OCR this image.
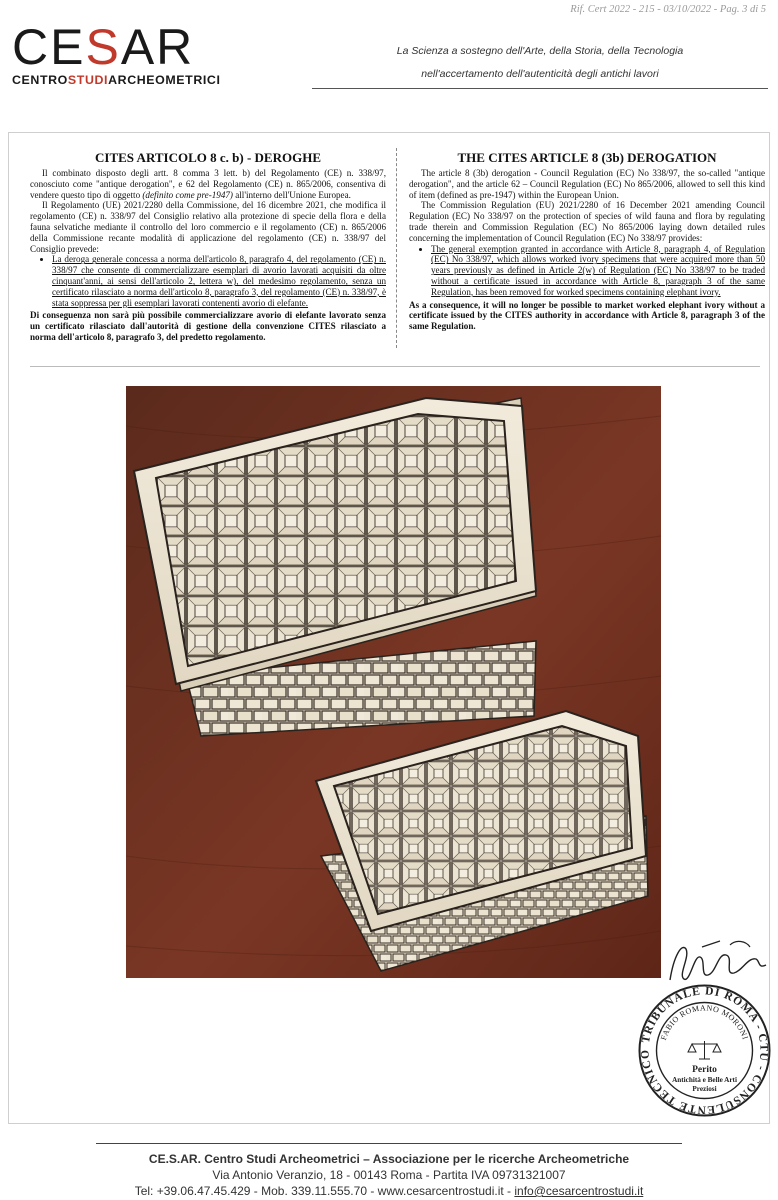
Rif. Cert 2022 - 215 - 03/10/2022 - Pag. 3 di 5
CESAR
CENTROSTUDIARCHEOMETRICI
La Scienza a sostegno dell'Arte, della Storia, della Tecnologia
nell'accertamento dell'autenticità degli antichi lavori
CITES ARTICOLO 8 c. b) - DEROGHE

Il combinato disposto degli artt. 8 comma 3 lett. b) del Regolamento (CE) n. 338/97, conosciuto come "antique derogation", e 62 del Regolamento (CE) n. 865/2006, consentiva di vendere questo tipo di oggetto (definito come pre-1947) all'interno dell'Unione Europea.

Il Regolamento (UE) 2021/2280 della Commissione, del 16 dicembre 2021, che modifica il regolamento (CE) n. 338/97 del Consiglio relativo alla protezione di specie della flora e della fauna selvatiche mediante il controllo del loro commercio e il regolamento (CE) n. 865/2006 della Commissione recante modalità di applicazione del regolamento (CE) n. 338/97 del Consiglio prevede:

• La deroga generale concessa a norma dell'articolo 8, paragrafo 4, del regolamento (CE) n. 338/97 che consente di commercializzare esemplari di avorio lavorati acquisiti da oltre cinquant'anni, ai sensi dell'articolo 2, lettera w), del medesimo regolamento, senza un certificato rilasciato a norma dell'articolo 8, paragrafo 3, del regolamento (CE) n. 338/97, è stata soppressa per gli esemplari lavorati contenenti avorio di elefante.

Di conseguenza non sarà più possibile commercializzare avorio di elefante lavorato senza un certificato rilasciato dall'autorità di gestione della convenzione CITES rilasciato a norma dell'articolo 8, paragrafo 3, del predetto regolamento.

THE CITES ARTICLE 8 (3b) DEROGATION

The article 8 (3b) derogation - Council Regulation (EC) No 338/97, the so-called "antique derogation", and the article 62 – Council Regulation (EC) No 865/2006, allowed to sell this kind of item (defined as pre-1947) within the European Union.

The Commission Regulation (EU) 2021/2280 of 16 December 2021 amending Council Regulation (EC) No 338/97 on the protection of species of wild fauna and flora by regulating trade therein and Commission Regulation (EC) No 865/2006 laying down detailed rules concerning the implementation of Council Regulation (EC) No 338/97 provides:

• The general exemption granted in accordance with Article 8, paragraph 4, of Regulation (EC) No 338/97, which allows worked ivory specimens that were acquired more than 50 years previously as defined in Article 2(w) of Regulation (EC) No 338/97 to be traded without a certificate issued in accordance with Article 8, paragraph 3 of the same Regulation, has been removed for worked specimens containing elephant ivory.

As a consequence, it will no longer be possible to market worked elephant ivory without a certificate issued by the CITES authority in accordance with Article 8, paragraph 3 of the same Regulation.

TRIBUNALE DI ROMA - CTU - CONSULENTE TECNICO
FABIO ROMANO MORONI
Perito
Antichità e Belle Arti
Preziosi
CE.S.AR. Centro Studi Archeometrici – Associazione per le ricerche Archeometriche
Via Antonio Veranzio, 18 - 00143 Roma - Partita IVA 09731321007
Tel: +39.06.47.45.429 - Mob. 339.11.555.70 - www.cesarcentrostudi.it - info@cesarcentrostudi.it
